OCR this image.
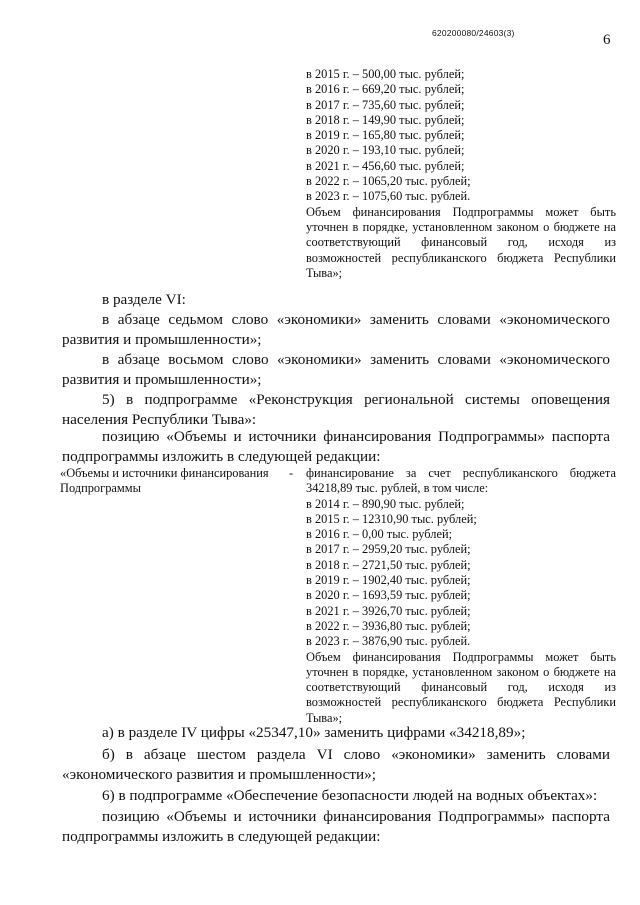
620200080/24603(3)	6
в 2015 г. – 500,00 тыс. рублей;
в 2016 г. – 669,20 тыс. рублей;
в 2017 г. – 735,60 тыс. рублей;
в 2018 г. – 149,90 тыс. рублей;
в 2019 г. – 165,80 тыс. рублей;
в 2020 г. – 193,10 тыс. рублей;
в 2021 г. – 456,60 тыс. рублей;
в 2022 г. – 1065,20 тыс. рублей;
в 2023 г. – 1075,60 тыс. рублей.
Объем финансирования Подпрограммы может быть уточнен в порядке, установленном законом о бюджете на соответствующий финансовый год, исходя из возможностей республиканского бюджета Республики Тыва»;
в разделе VI:
в абзаце седьмом слово «экономики» заменить словами «экономического развития и промышленности»;
в абзаце восьмом слово «экономики» заменить словами «экономического развития и промышленности»;
5) в подпрограмме «Реконструкция региональной системы оповещения населения Республики Тыва»:
позицию «Объемы и источники финансирования Подпрограммы» паспорта подпрограммы изложить в следующей редакции:
«Объемы и источники финансирования Подпрограммы
- финансирование за счет республиканского бюджета 34218,89 тыс. рублей, в том числе:
в 2014 г. – 890,90 тыс. рублей;
в 2015 г. – 12310,90 тыс. рублей;
в 2016 г. – 0,00 тыс. рублей;
в 2017 г. – 2959,20 тыс. рублей;
в 2018 г. – 2721,50 тыс. рублей;
в 2019 г. – 1902,40 тыс. рублей;
в 2020 г. – 1693,59 тыс. рублей;
в 2021 г. – 3926,70 тыс. рублей;
в 2022 г. – 3936,80 тыс. рублей;
в 2023 г. – 3876,90 тыс. рублей.
Объем финансирования Подпрограммы может быть уточнен в порядке, установленном законом о бюджете на соответствующий финансовый год, исходя из возможностей республиканского бюджета Республики Тыва»;
а) в разделе IV цифры «25347,10» заменить цифрами «34218,89»;
б) в абзаце шестом раздела VI слово «экономики» заменить словами «экономического развития и промышленности»;
6) в подпрограмме «Обеспечение безопасности людей на водных объектах»:
позицию «Объемы и источники финансирования Подпрограммы» паспорта подпрограммы изложить в следующей редакции:
